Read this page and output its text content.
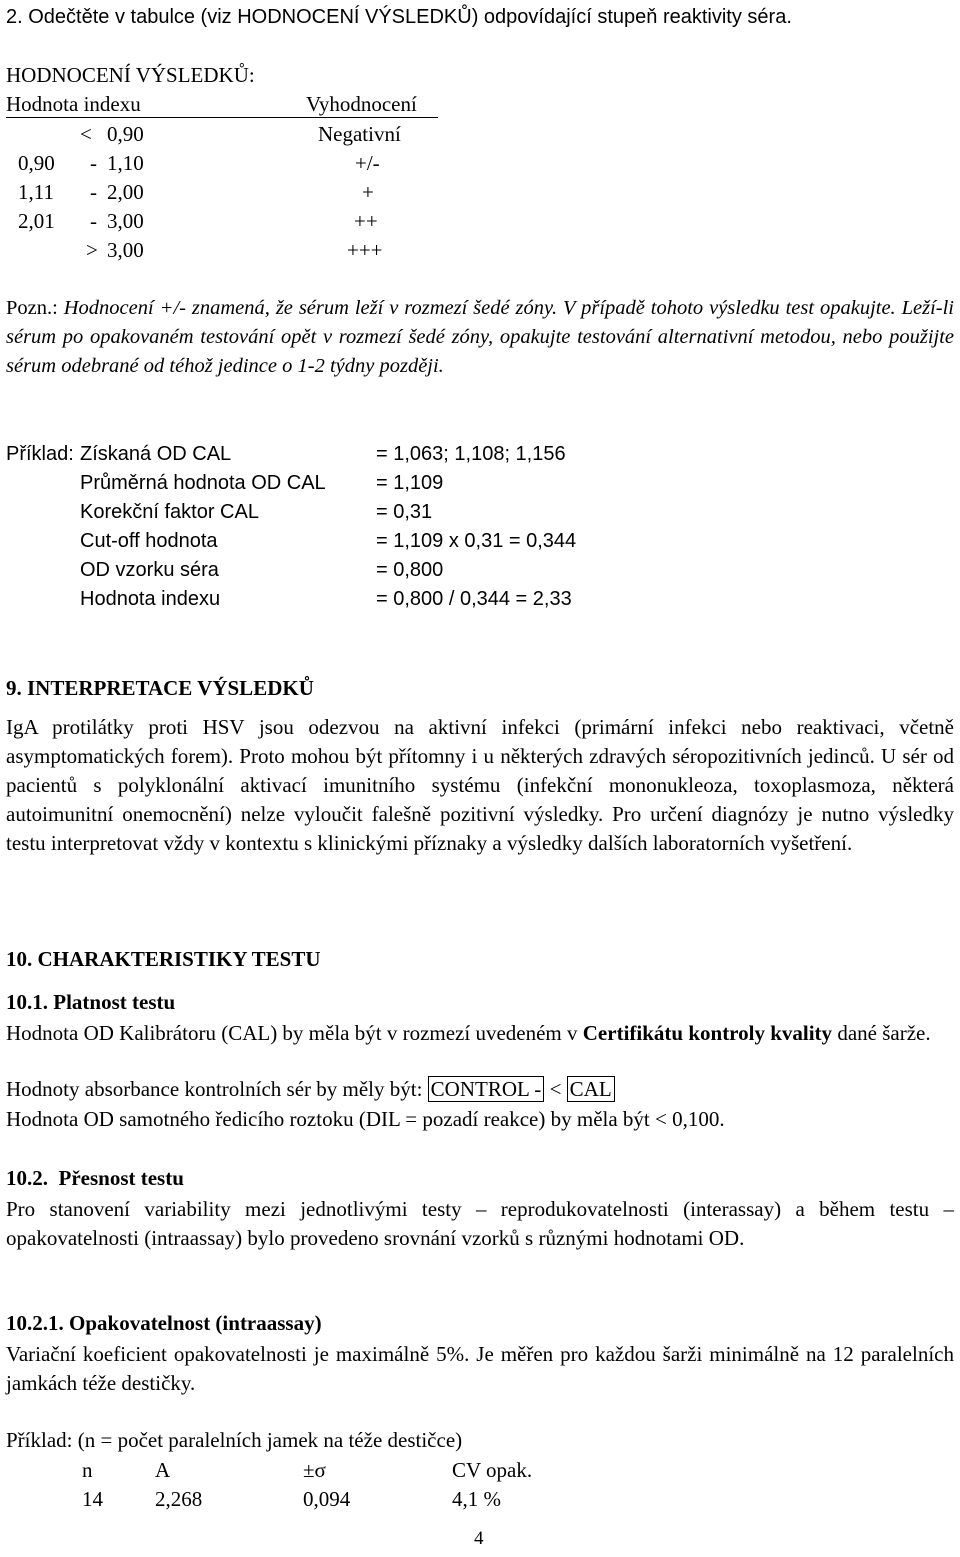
2. Odečtěte v tabulce (viz HODNOCENÍ VÝSLEDKŮ) odpovídající stupeň reaktivity séra.
HODNOCENÍ VÝSLEDKŮ:
Hodnota indexu	Vyhodnocení
< 0,90	Negativní
0,90 - 1,10	+/-
1,11 - 2,00	+
2,01 - 3,00	++
> 3,00	+++
Pozn.: Hodnocení +/- znamená, že sérum leží v rozmezí šedé zóny. V případě tohoto výsledku test opakujte. Leží-li sérum po opakovaném testování opět v rozmezí šedé zóny, opakujte testování alternativní metodou, nebo použijte sérum odebrané od téhož jedince o 1-2 týdny později.
Příklad: Získaná OD CAL	= 1,063; 1,108; 1,156
Průměrná hodnota OD CAL	= 1,109
Korekční faktor CAL	= 0,31
Cut-off hodnota	= 1,109 x 0,31 = 0,344
OD vzorku séra	= 0,800
Hodnota indexu	= 0,800 / 0,344 = 2,33
9. INTERPRETACE VÝSLEDKŮ
IgA protilátky proti HSV jsou odezvou na aktivní infekci (primární infekci nebo reaktivaci, včetně asymptomatických forem). Proto mohou být přítomny i u některých zdravých séropozitivních jedinců. U sér od pacientů s polyklonální aktivací imunitního systému (infekční mononukleoza, toxoplasmoza, některá autoimunitní onemocnění) nelze vyloučit falešně pozitivní výsledky. Pro určení diagnózy je nutno výsledky testu interpretovat vždy v kontextu s klinickými příznaky a výsledky dalších laboratorních vyšetření.
10. CHARAKTERISTIKY TESTU
10.1. Platnost testu
Hodnota OD Kalibrátoru (CAL) by měla být v rozmezí uvedeném v Certifikátu kontroly kvality dané šarže.
Hodnoty absorbance kontrolních sér by měly být: CONTROL - < CAL
Hodnota OD samotného ředicího roztoku (DIL = pozadí reakce) by měla být < 0,100.
10.2. Přesnost testu
Pro stanovení variability mezi jednotlivými testy – reprodukovatelnosti (interassay) a během testu – opakovatelnosti (intraassay) bylo provedeno srovnání vzorků s různými hodnotami OD.
10.2.1. Opakovatelnost (intraassay)
Variační koeficient opakovatelnosti je maximálně 5%. Je měřen pro každou šarži minimálně na 12 paralelních jamkách téže destičky.
Příklad: (n = počet paralelních jamek na téže destičce)
n	A	±σ	CV opak.
14 2,268	0,094	4,1 %
4
